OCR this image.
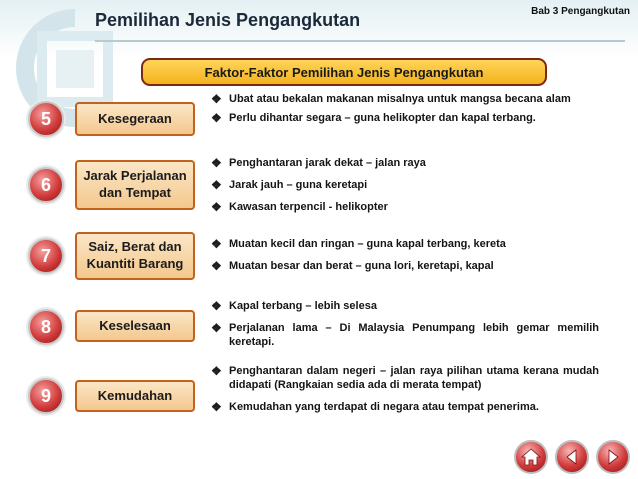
Bab 3 Pengangkutan
Pemilihan Jenis Pengangkutan
Faktor-Faktor Pemilihan Jenis Pengangkutan
5	Kesegeraan
❖ Ubat atau bekalan makanan misalnya untuk mangsa becana alam
❖ Perlu dihantar segara – guna helikopter dan kapal terbang.
6	Jarak Perjalanan dan Tempat
❖ Penghantaran jarak dekat – jalan raya
❖ Jarak jauh – guna keretapi
❖ Kawasan terpencil - helikopter
7	Saiz, Berat dan Kuantiti Barang
❖ Muatan kecil dan ringan – guna kapal terbang, kereta
❖ Muatan besar dan berat – guna lori, keretapi, kapal
8	Keselesaan
❖ Kapal terbang – lebih selesa
❖ Perjalanan lama – Di Malaysia Penumpang lebih gemar memilih keretapi.
9	Kemudahan
❖ Penghantaran dalam negeri – jalan raya pilihan utama kerana mudah didapati (Rangkaian sedia ada di merata tempat)
❖ Kemudahan yang terdapat di negara atau tempat penerima.
